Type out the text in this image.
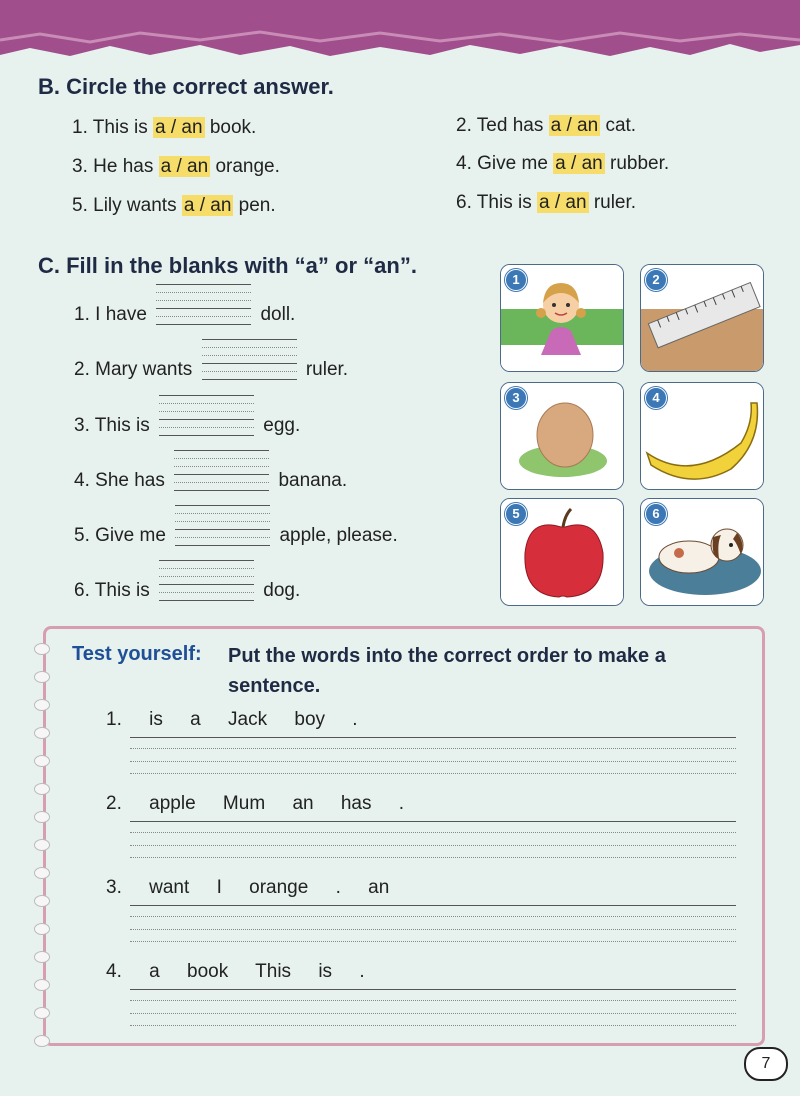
B. Circle the correct answer.
1. This is a / an book.	2. Ted has a / an cat.
3. He has a / an orange.	4. Give me a / an rubber.
5. Lily wants a / an pen.	6. This is a / an ruler.
C. Fill in the blanks with “a” or “an”.
1. I have	doll.
2. Mary wants	ruler.
3. This is	egg.
4. She has	banana.
5. Give me	apple, please.
6. This is	dog.
1	2
3	4
5	6
Test yourself: Put the words into the correct order to make a sentence.
1. is a Jack boy .
2. apple Mum an has .
3. want I orange . an
4. a book This is .
7
